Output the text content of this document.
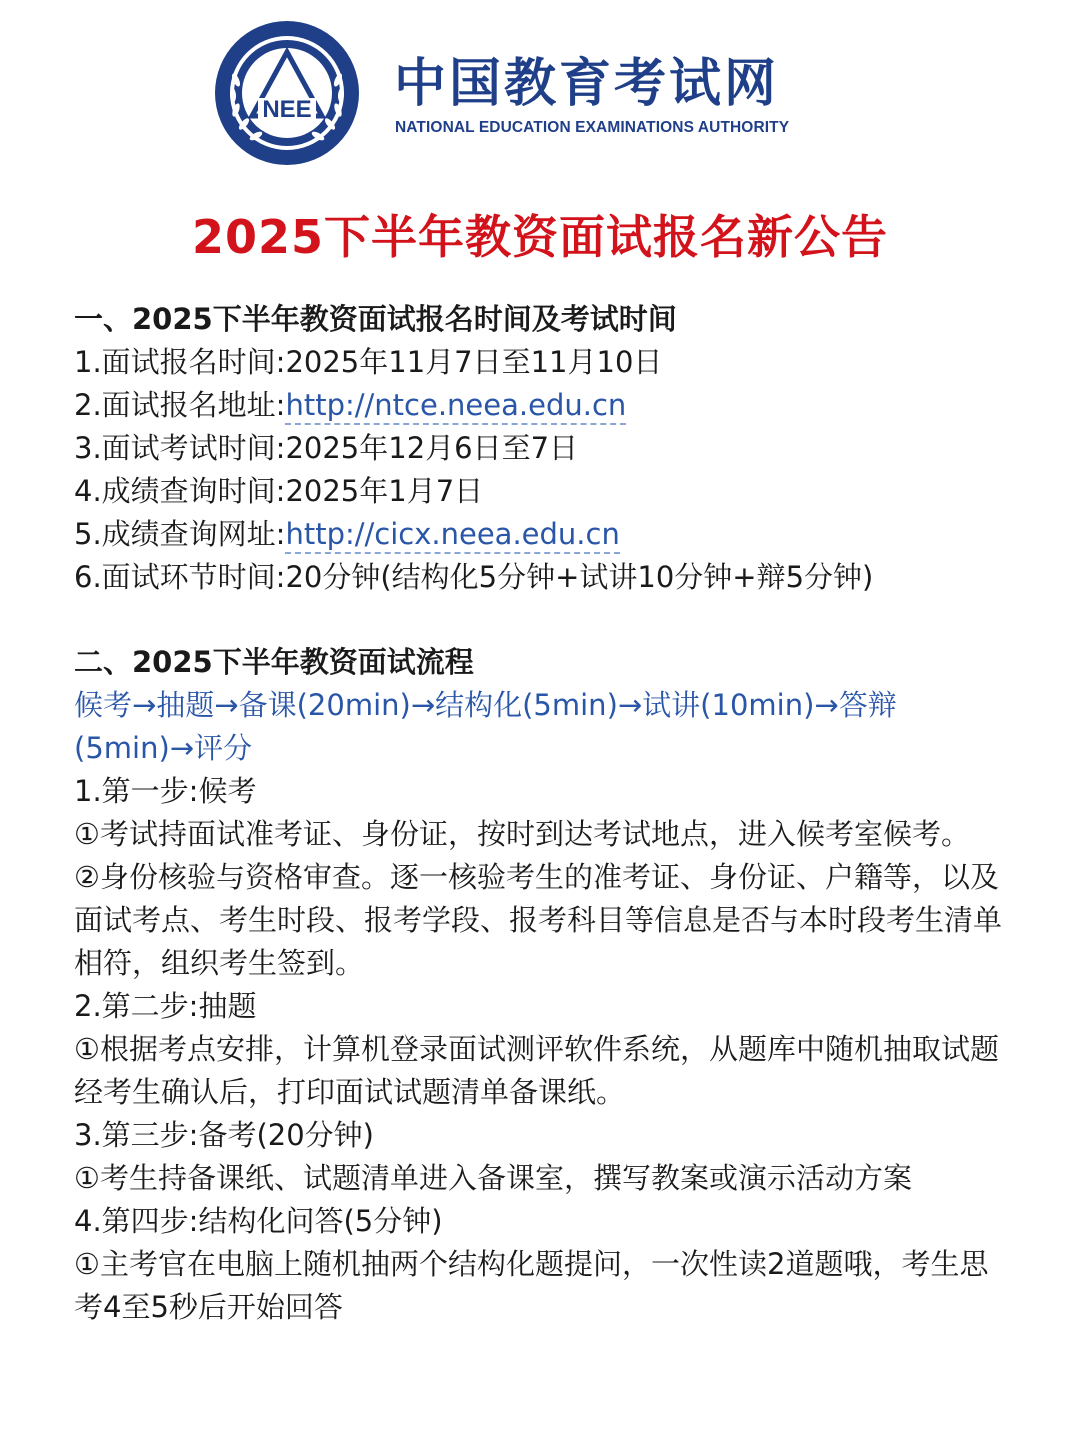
NEE 中国教育考试网
NATIONAL EDUCATION EXAMINATIONS AUTHORITY
2025下半年教资面试报名新公告

一、2025下半年教资面试报名时间及考试时间

1.面试报名时间:2025年11月7日至11月10日

2.面试报名地址:http://ntce.neea.edu.cn

3.面试考试时间:2025年12月6日至7日

4.成绩查询时间:2025年1月7日

5.成绩查询网址:http://cicx.neea.edu.cn

6.面试环节时间:20分钟(结构化5分钟+试讲10分钟+辩5分钟)

二、2025下半年教资面试流程

候考→抽题→备课(20min)→结构化(5min)→试讲(10min)→答辩(5min)→评分

1.第一步:候考

①考试持面试准考证、身份证，按时到达考试地点，进入候考室候考。

②身份核验与资格审查。逐一核验考生的准考证、身份证、户籍等，以及面试考点、考生时段、报考学段、报考科目等信息是否与本时段考生清单相符，组织考生签到。

2.第二步:抽题

①根据考点安排，计算机登录面试测评软件系统，从题库中随机抽取试题经考生确认后，打印面试试题清单备课纸。

3.第三步:备考(20分钟)

①考生持备课纸、试题清单进入备课室，撰写教案或演示活动方案

4.第四步:结构化问答(5分钟)

①主考官在电脑上随机抽两个结构化题提问，一次性读2道题哦，考生思考4至5秒后开始回答
